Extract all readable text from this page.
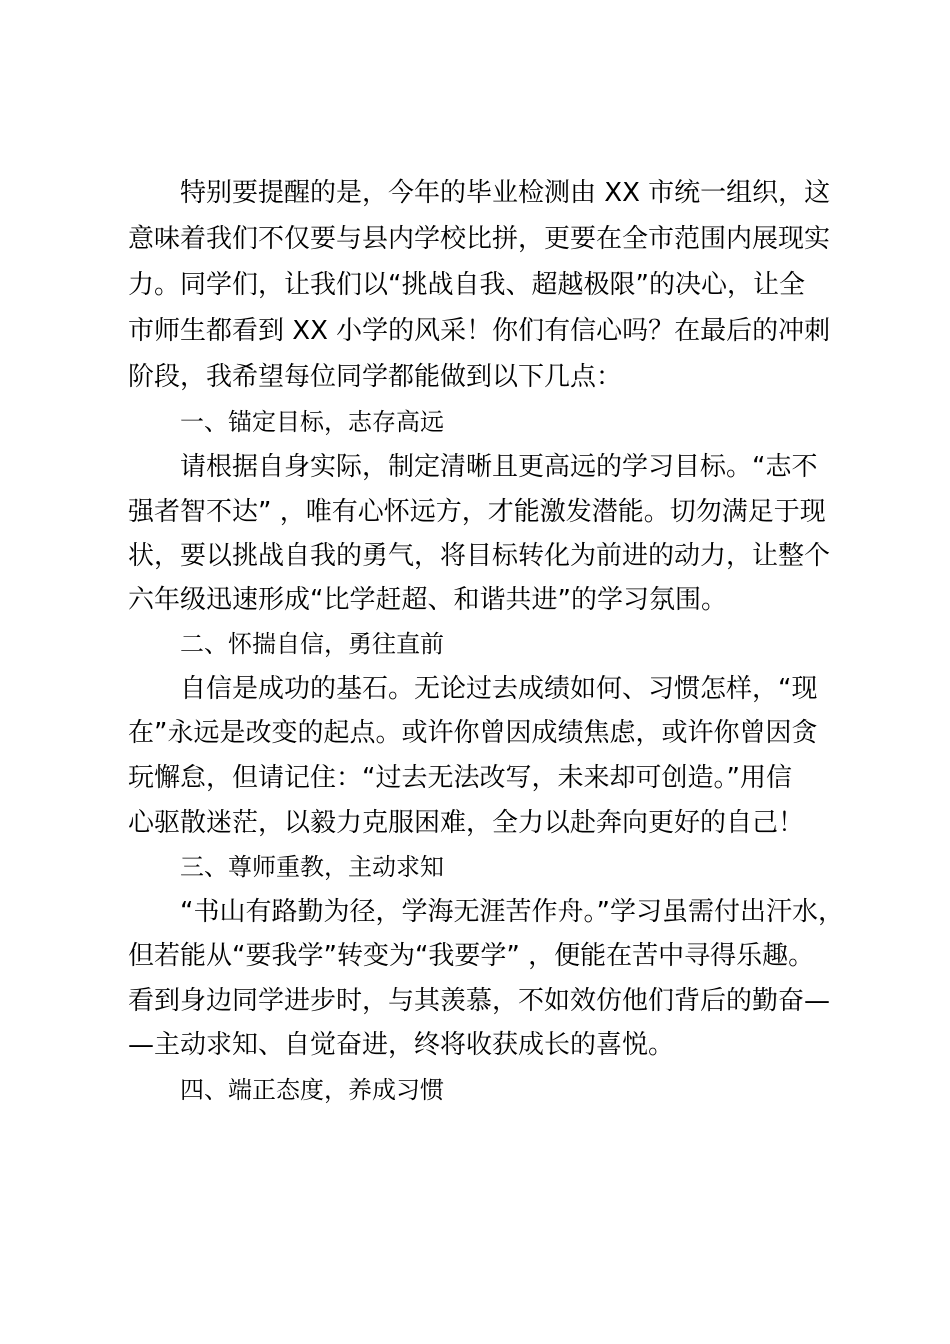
特别要提醒的是，今年的毕业检测由 XX 市统一组织，这
意味着我们不仅要与县内学校比拼，更要在全市范围内展现实
力。同学们，让我们以“挑战自我、超越极限”的决心，让全
市师生都看到 XX 小学的风采！你们有信心吗？在最后的冲刺
阶段，我希望每位同学都能做到以下几点：
一、锚定目标，志存高远
请根据自身实际，制定清晰且更高远的学习目标。“志不
强者智不达” ，唯有心怀远方，才能激发潜能。切勿满足于现
状，要以挑战自我的勇气，将目标转化为前进的动力，让整个
六年级迅速形成“比学赶超、和谐共进”的学习氛围。
二、怀揣自信，勇往直前
自信是成功的基石。无论过去成绩如何、习惯怎样，“现
在”永远是改变的起点。或许你曾因成绩焦虑，或许你曾因贪
玩懈怠，但请记住：“过去无法改写，未来却可创造。”用信
心驱散迷茫，以毅力克服困难，全力以赴奔向更好的自己！
三、尊师重教，主动求知
“书山有路勤为径，学海无涯苦作舟。”学习虽需付出汗水，
但若能从“要我学”转变为“我要学” ，便能在苦中寻得乐趣。
看到身边同学进步时，与其羡慕，不如效仿他们背后的勤奋—
—主动求知、自觉奋进，终将收获成长的喜悦。
四、端正态度，养成习惯
